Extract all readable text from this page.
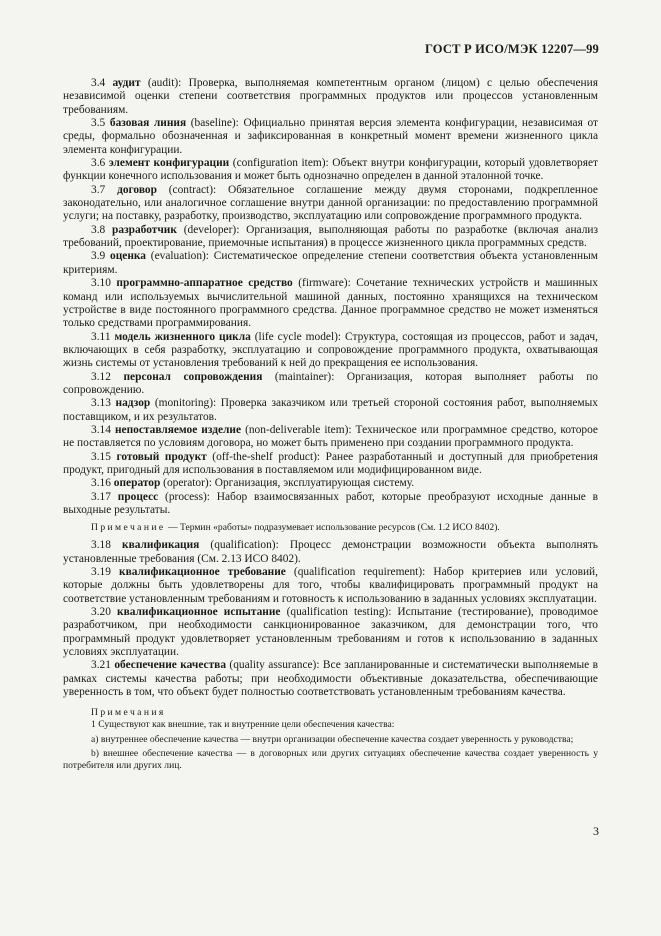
ГОСТ Р ИСО/МЭК 12207—99

3.4 аудит (audit): Проверка, выполняемая компетентным органом (лицом) с целью обеспечения независимой оценки степени соответствия программных продуктов или процессов установленным требованиям.

3.5 базовая линия (baseline): Официально принятая версия элемента конфигурации, независимая от среды, формально обозначенная и зафиксированная в конкретный момент времени жизненного цикла элемента конфигурации.

3.6 элемент конфигурации (configuration item): Объект внутри конфигурации, который удовлетворяет функции конечного использования и может быть однозначно определен в данной эталонной точке.

3.7 договор (contract): Обязательное соглашение между двумя сторонами, подкрепленное законодательно, или аналогичное соглашение внутри данной организации: по предоставлению программной услуги; на поставку, разработку, производство, эксплуатацию или сопровождение программного продукта.

3.8 разработчик (developer): Организация, выполняющая работы по разработке (включая анализ требований, проектирование, приемочные испытания) в процессе жизненного цикла программных средств.

3.9 оценка (evaluation): Систематическое определение степени соответствия объекта установленным критериям.

3.10 программно-аппаратное средство (firmware): Сочетание технических устройств и машинных команд или используемых вычислительной машиной данных, постоянно хранящихся на техническом устройстве в виде постоянного программного средства. Данное программное средство не может изменяться только средствами программирования.

3.11 модель жизненного цикла (life cycle model): Структура, состоящая из процессов, работ и задач, включающих в себя разработку, эксплуатацию и сопровождение программного продукта, охватывающая жизнь системы от установления требований к ней до прекращения ее использования.

3.12 персонал сопровождения (maintainer): Организация, которая выполняет работы по сопровождению.

3.13 надзор (monitoring): Проверка заказчиком или третьей стороной состояния работ, выполняемых поставщиком, и их результатов.

3.14 непоставляемое изделие (non-deliverable item): Техническое или программное средство, которое не поставляется по условиям договора, но может быть применено при создании программного продукта.

3.15 готовый продукт (off-the-shelf product): Ранее разработанный и доступный для приобретения продукт, пригодный для использования в поставляемом или модифицированном виде.

3.16 оператор (operator): Организация, эксплуатирующая систему.

3.17 процесс (process): Набор взаимосвязанных работ, которые преобразуют исходные данные в выходные результаты.

Примечание — Термин «работы» подразумевает использование ресурсов (См. 1.2 ИСО 8402).

3.18 квалификация (qualification): Процесс демонстрации возможности объекта выполнять установленные требования (См. 2.13 ИСО 8402).

3.19 квалификационное требование (qualification requirement): Набор критериев или условий, которые должны быть удовлетворены для того, чтобы квалифицировать программный продукт на соответствие установленным требованиям и готовность к использованию в заданных условиях эксплуатации.

3.20 квалификационное испытание (qualification testing): Испытание (тестирование), проводимое разработчиком, при необходимости санкционированное заказчиком, для демонстрации того, что программный продукт удовлетворяет установленным требованиям и готов к использованию в заданных условиях эксплуатации.

3.21 обеспечение качества (quality assurance): Все запланированные и систематически выполняемые в рамках системы качества работы; при необходимости объективные доказательства, обеспечивающие уверенность в том, что объект будет полностью соответствовать установленным требованиям качества.

Примечания

1 Существуют как внешние, так и внутренние цели обеспечения качества:

a) внутреннее обеспечение качества — внутри организации обеспечение качества создает уверенность у руководства;

b) внешнее обеспечение качества — в договорных или других ситуациях обеспечение качества создает уверенность у потребителя или других лиц.

3
